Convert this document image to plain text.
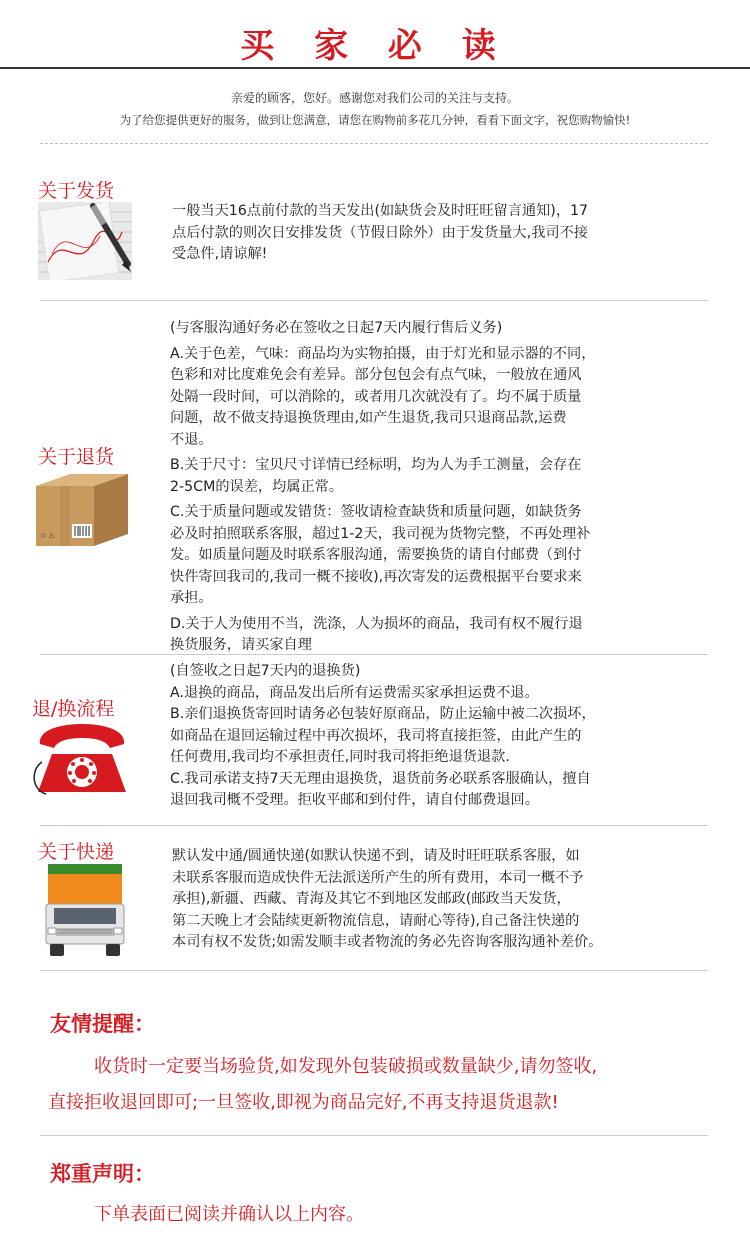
买 家 必 读
亲爱的顾客，您好。感谢您对我们公司的关注与支持。
为了给您提供更好的服务，做到让您满意，请您在购物前多花几分钟，看看下面文字，祝您购物愉快!
关于发货
一般当天16点前付款的当天发出(如缺货会及时旺旺留言通知)，17
点后付款的则次日安排发货（节假日除外）由于发货量大,我司不接
受急件,请谅解!
(与客服沟通好务必在签收之日起7天内履行售后义务)
A.关于色差，气味：商品均为实物拍摄，由于灯光和显示器的不同，
色彩和对比度难免会有差异。部分包包会有点气味，一般放在通风
处隔一段时间，可以消除的，或者用几次就没有了。均不属于质量
问题，故不做支持退换货理由,如产生退货,我司只退商品款,运费
不退。
B.关于尺寸：宝贝尺寸详情已经标明，均为人为手工测量，会存在
2-5CM的误差，均属正常。
C.关于质量问题或发错货：签收请检查缺货和质量问题，如缺货务
必及时拍照联系客服，超过1-2天，我司视为货物完整，不再处理补
发。如质量问题及时联系客服沟通，需要换货的请自付邮费（到付
快件寄回我司的,我司一概不接收),再次寄发的运费根据平台要求来
承担。
D.关于人为使用不当，洗涤，人为损坏的商品，我司有权不履行退
换货服务，请买家自理
关于退货
♲ ⚠
(自签收之日起7天内的退换货)
A.退换的商品，商品发出后所有运费需买家承担运费不退。
B.亲们退换货寄回时请务必包装好原商品，防止运输中被二次损坏，
如商品在退回运输过程中再次损坏，我司将直接拒签，由此产生的
任何费用,我司均不承担责任,同时我司将拒绝退货退款.
C.我司承诺支持7天无理由退换货，退货前务必联系客服确认，擅自
退回我司概不受理。拒收平邮和到付件，请自付邮费退回。
退/换流程
关于快递	默认发中通/圆通快递(如默认快递不到，请及时旺旺联系客服，如
未联系客服而造成快件无法派送所产生的所有费用，本司一概不予
承担),新疆、西藏、青海及其它不到地区发邮政(邮政当天发货，
第二天晚上才会陆续更新物流信息，请耐心等待),自己备注快递的
本司有权不发货;如需发顺丰或者物流的务必先咨询客服沟通补差价。
友情提醒：
收货时一定要当场验货,如发现外包装破损或数量缺少,请勿签收,
直接拒收退回即可;一旦签收,即视为商品完好,不再支持退货退款!
郑重声明：
下单表面已阅读并确认以上内容。
